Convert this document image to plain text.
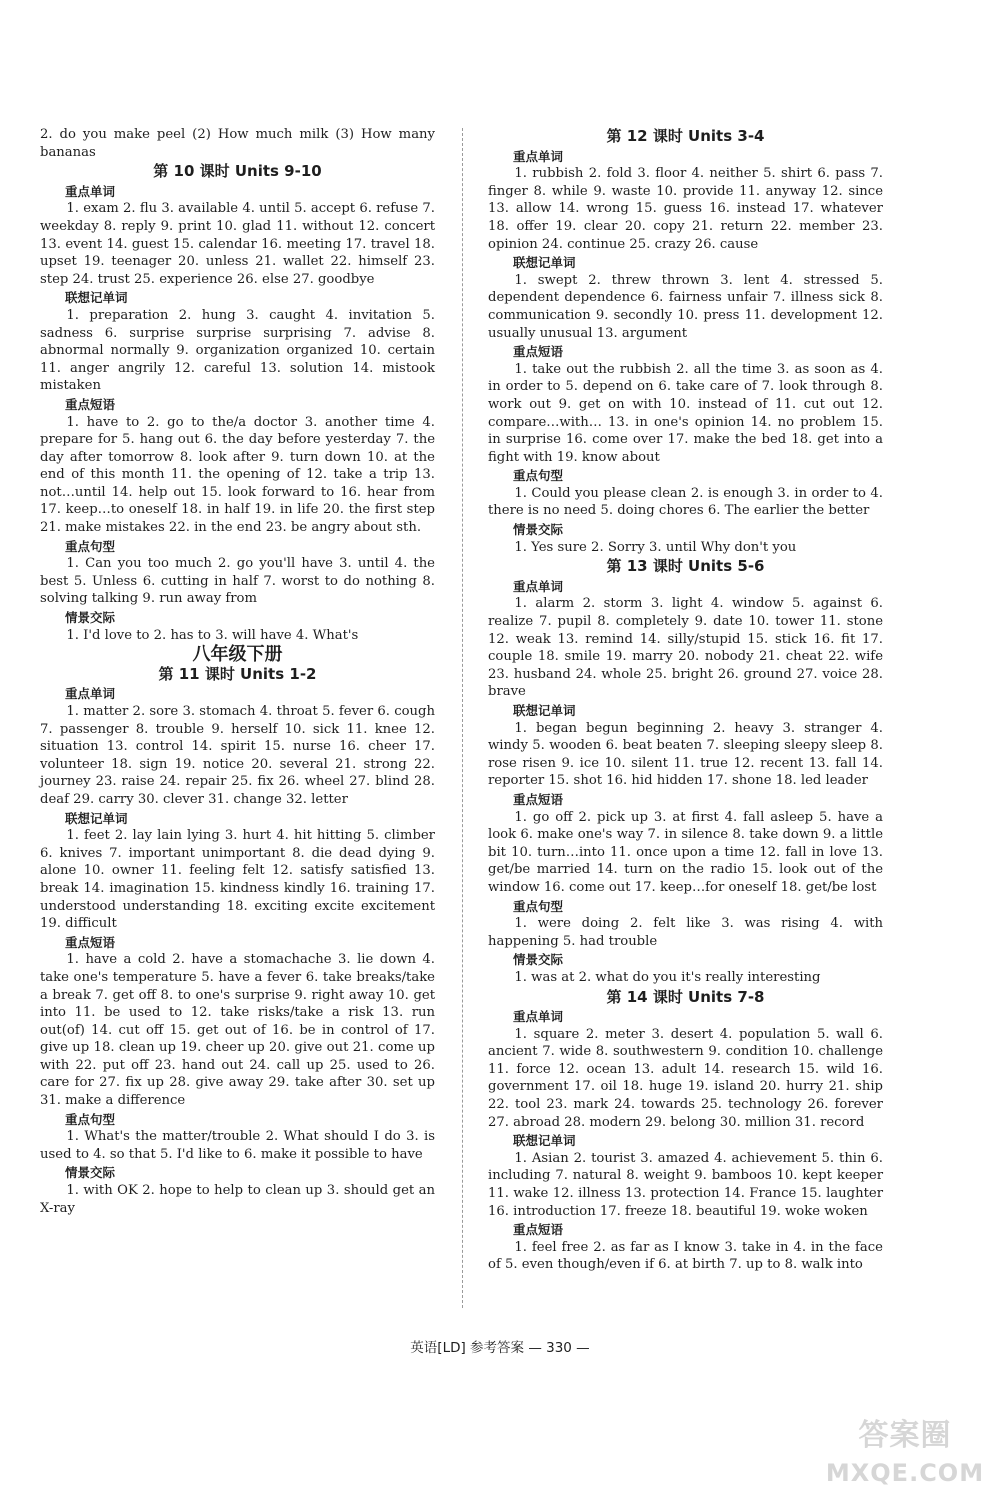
2. do you make peel (2) How much milk (3) How many bananas
第 10 课时 Units 9-10
重点单词
1. exam 2. flu 3. available 4. until 5. accept 6. refuse 7. weekday 8. reply 9. print 10. glad 11. without 12. concert 13. event 14. guest 15. calendar 16. meeting 17. travel 18. upset 19. teenager 20. unless 21. wallet 22. himself 23. step 24. trust 25. experience 26. else 27. goodbye
联想记单词
1. preparation 2. hung 3. caught 4. invitation 5. sadness 6. surprise surprise surprising 7. advise 8. abnormal normally 9. organization organized 10. certain 11. anger angrily 12. careful 13. solution 14. mistook mistaken
重点短语
1. have to 2. go to the/a doctor 3. another time 4. prepare for 5. hang out 6. the day before yesterday 7. the day after tomorrow 8. look after 9. turn down 10. at the end of this month 11. the opening of 12. take a trip 13. not…until 14. help out 15. look forward to 16. hear from 17. keep…to oneself 18. in half 19. in life 20. the first step 21. make mistakes 22. in the end 23. be angry about sth.
重点句型
1. Can you too much 2. go you'll have 3. until 4. the best 5. Unless 6. cutting in half 7. worst to do nothing 8. solving talking 9. run away from
情景交际
1. I'd love to 2. has to 3. will have 4. What's
八年级下册
第 11 课时 Units 1-2
重点单词
1. matter 2. sore 3. stomach 4. throat 5. fever 6. cough 7. passenger 8. trouble 9. herself 10. sick 11. knee 12. situation 13. control 14. spirit 15. nurse 16. cheer 17. volunteer 18. sign 19. notice 20. several 21. strong 22. journey 23. raise 24. repair 25. fix 26. wheel 27. blind 28. deaf 29. carry 30. clever 31. change 32. letter
联想记单词
1. feet 2. lay lain lying 3. hurt 4. hit hitting 5. climber 6. knives 7. important unimportant 8. die dead dying 9. alone 10. owner 11. feeling felt 12. satisfy satisfied 13. break 14. imagination 15. kindness kindly 16. training 17. understood understanding 18. exciting excite excitement 19. difficult
重点短语
1. have a cold 2. have a stomachache 3. lie down 4. take one's temperature 5. have a fever 6. take breaks/take a break 7. get off 8. to one's surprise 9. right away 10. get into 11. be used to 12. take risks/take a risk 13. run out(of) 14. cut off 15. get out of 16. be in control of 17. give up 18. clean up 19. cheer up 20. give out 21. come up with 22. put off 23. hand out 24. call up 25. used to 26. care for 27. fix up 28. give away 29. take after 30. set up 31. make a difference
重点句型
1. What's the matter/trouble 2. What should I do 3. is used to 4. so that 5. I'd like to 6. make it possible to have
情景交际
1. with OK 2. hope to help to clean up 3. should get an X-ray
第 12 课时 Units 3-4
重点单词
1. rubbish 2. fold 3. floor 4. neither 5. shirt 6. pass 7. finger 8. while 9. waste 10. provide 11. anyway 12. since 13. allow 14. wrong 15. guess 16. instead 17. whatever 18. offer 19. clear 20. copy 21. return 22. member 23. opinion 24. continue 25. crazy 26. cause
联想记单词
1. swept 2. threw thrown 3. lent 4. stressed 5. dependent dependence 6. fairness unfair 7. illness sick 8. communication 9. secondly 10. press 11. development 12. usually unusual 13. argument
重点短语
1. take out the rubbish 2. all the time 3. as soon as 4. in order to 5. depend on 6. take care of 7. look through 8. work out 9. get on with 10. instead of 11. cut out 12. compare…with… 13. in one's opinion 14. no problem 15. in surprise 16. come over 17. make the bed 18. get into a fight with 19. know about
重点句型
1. Could you please clean 2. is enough 3. in order to 4. there is no need 5. doing chores 6. The earlier the better
情景交际
1. Yes sure 2. Sorry 3. until Why don't you
第 13 课时 Units 5-6
重点单词
1. alarm 2. storm 3. light 4. window 5. against 6. realize 7. pupil 8. completely 9. date 10. tower 11. stone 12. weak 13. remind 14. silly/stupid 15. stick 16. fit 17. couple 18. smile 19. marry 20. nobody 21. cheat 22. wife 23. husband 24. whole 25. bright 26. ground 27. voice 28. brave
联想记单词
1. began begun beginning 2. heavy 3. stranger 4. windy 5. wooden 6. beat beaten 7. sleeping sleepy sleep 8. rose risen 9. ice 10. silent 11. true 12. recent 13. fall 14. reporter 15. shot 16. hid hidden 17. shone 18. led leader
重点短语
1. go off 2. pick up 3. at first 4. fall asleep 5. have a look 6. make one's way 7. in silence 8. take down 9. a little bit 10. turn…into 11. once upon a time 12. fall in love 13. get/be married 14. turn on the radio 15. look out of the window 16. come out 17. keep…for oneself 18. get/be lost
重点句型
1. were doing 2. felt like 3. was rising 4. with happening 5. had trouble
情景交际
1. was at 2. what do you it's really interesting
第 14 课时 Units 7-8
重点单词
1. square 2. meter 3. desert 4. population 5. wall 6. ancient 7. wide 8. southwestern 9. condition 10. challenge 11. force 12. ocean 13. adult 14. research 15. wild 16. government 17. oil 18. huge 19. island 20. hurry 21. ship 22. tool 23. mark 24. towards 25. technology 26. forever 27. abroad 28. modern 29. belong 30. million 31. record
联想记单词
1. Asian 2. tourist 3. amazed 4. achievement 5. thin 6. including 7. natural 8. weight 9. bamboos 10. kept keeper 11. wake 12. illness 13. protection 14. France 15. laughter 16. introduction 17. freeze 18. beautiful 19. woke woken
重点短语
1. feel free 2. as far as I know 3. take in 4. in the face of 5. even though/even if 6. at birth 7. up to 8. walk into
英语[LD] 参考答案 — 330 —
答案圈
MXQE.COM
